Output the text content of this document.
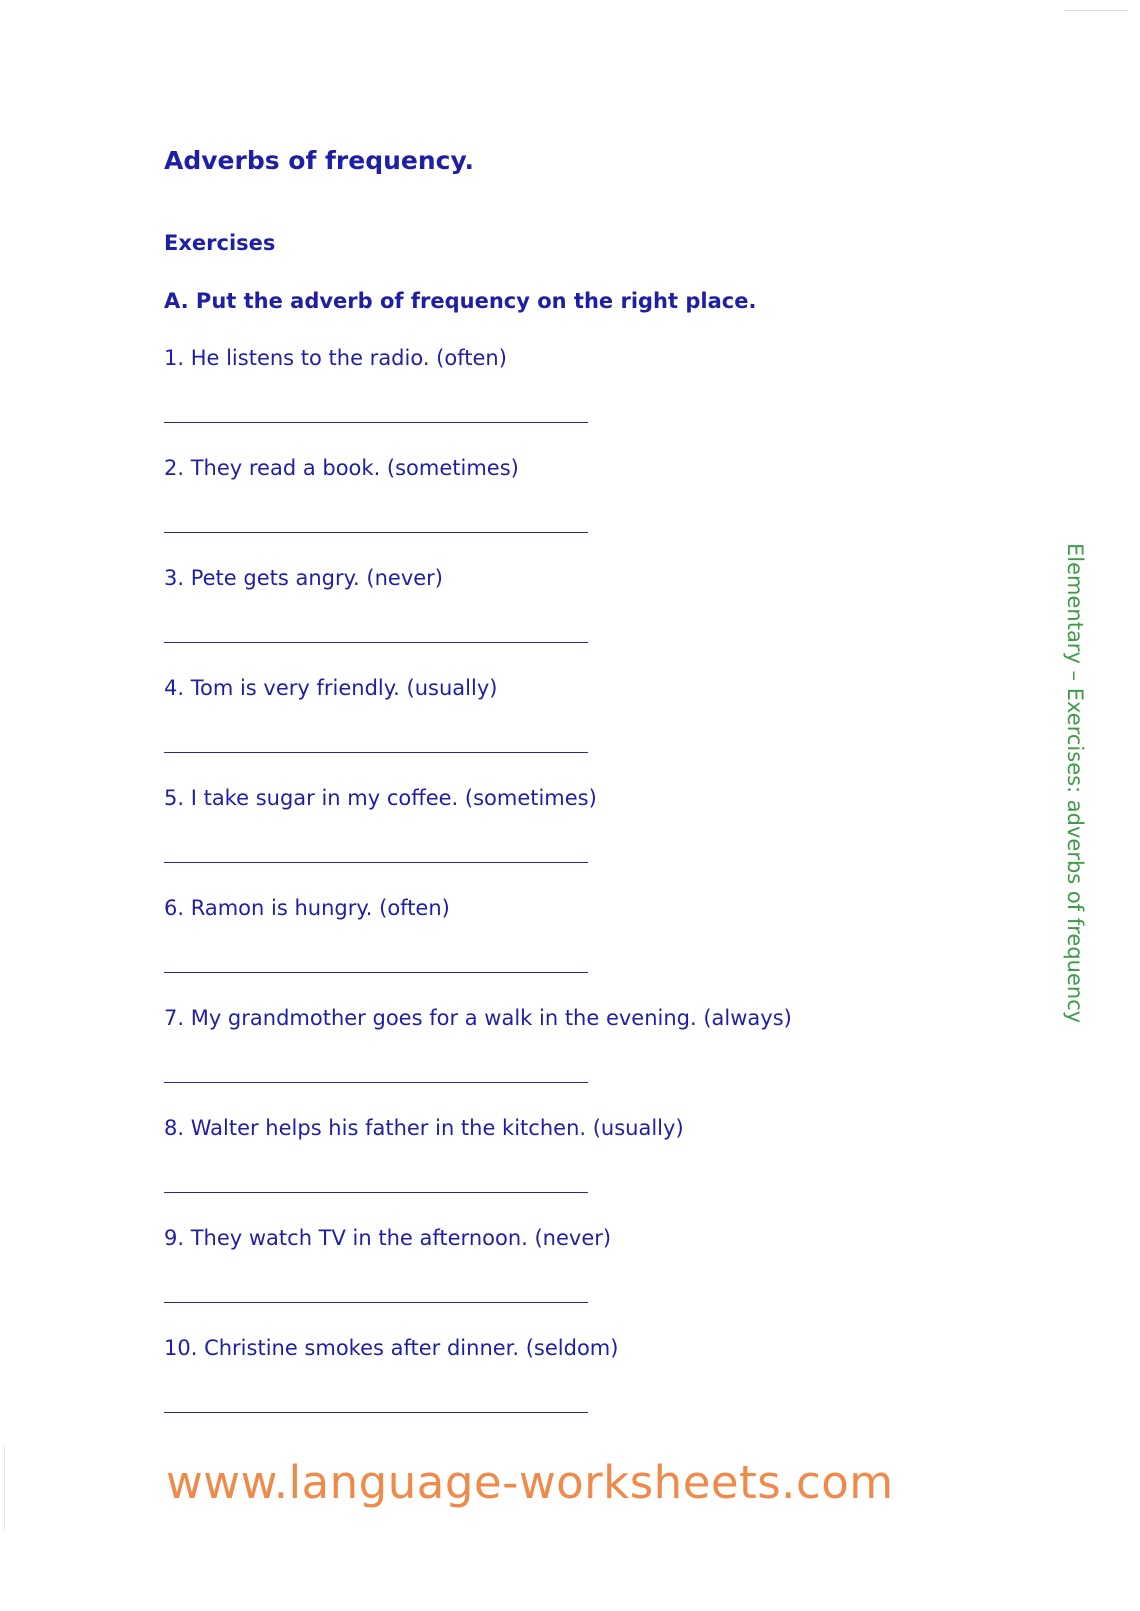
Adverbs of frequency.
Exercises
A. Put the adverb of frequency on the right place.
1. He listens to the radio. (often)
2. They read a book. (sometimes)
3. Pete gets angry. (never)
4. Tom is very friendly. (usually)
5. I take sugar in my coffee. (sometimes)
6. Ramon is hungry. (often)
7. My grandmother goes for a walk in the evening. (always)
8. Walter helps his father in the kitchen. (usually)
9. They watch TV in the afternoon. (never)
10. Christine smokes after dinner. (seldom)
Elementary – Exercises: adverbs of frequency
www.language-worksheets.com
